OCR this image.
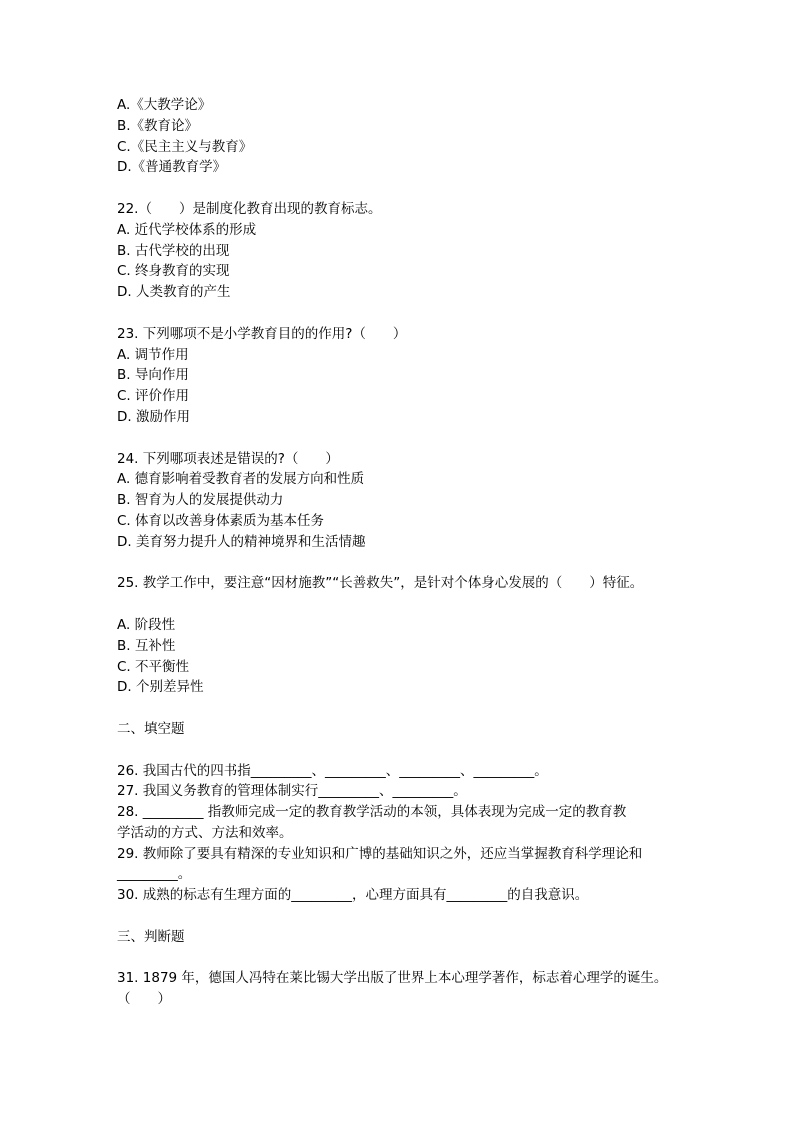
A.《大教学论》
B.《教育论》
C.《民主主义与教育》
D.《普通教育学》
22.（　　）是制度化教育出现的教育标志。
A. 近代学校体系的形成
B. 古代学校的出现
C. 终身教育的实现
D. 人类教育的产生
23. 下列哪项不是小学教育目的的作用?（　　）
A. 调节作用
B. 导向作用
C. 评价作用
D. 激励作用
24. 下列哪项表述是错误的?（　　）
A. 德育影响着受教育者的发展方向和性质
B. 智育为人的发展提供动力
C. 体育以改善身体素质为基本任务
D. 美育努力提升人的精神境界和生活情趣
25. 教学工作中，要注意“因材施教”“长善救失”，是针对个体身心发展的（　　）特征。
A. 阶段性
B. 互补性
C. 不平衡性
D. 个别差异性
二、填空题
26. 我国古代的四书指_________、_________、_________、_________。
27. 我国义务教育的管理体制实行_________、_________。
28. _________ 指教师完成一定的教育教学活动的本领，具体表现为完成一定的教育教
学活动的方式、方法和效率。
29. 教师除了要具有精深的专业知识和广博的基础知识之外，还应当掌握教育科学理论和
_________。
30. 成熟的标志有生理方面的_________，心理方面具有_________的自我意识。
三、判断题
31. 1879 年，德国人冯特在莱比锡大学出版了世界上本心理学著作，标志着心理学的诞生。
（　　）
